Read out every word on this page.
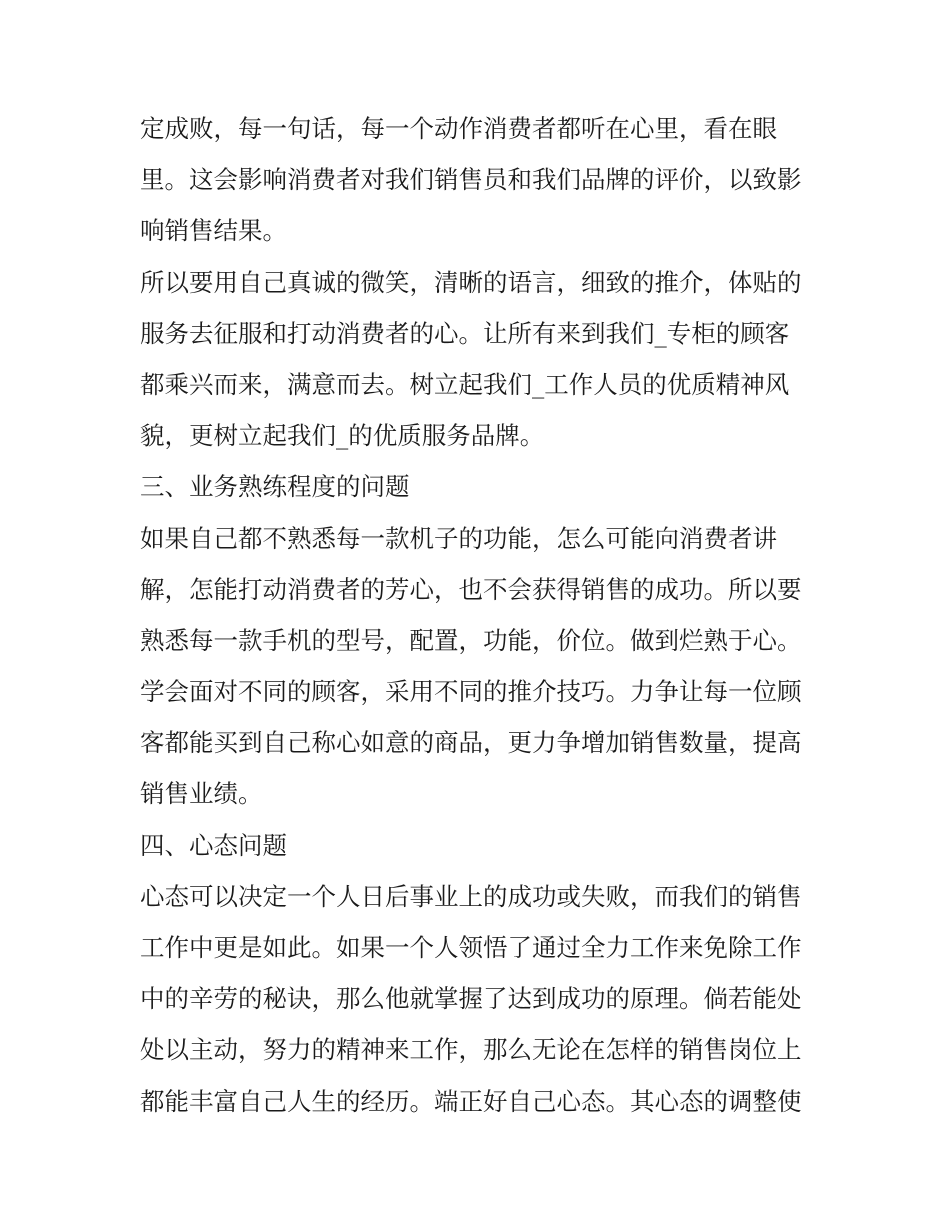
定成败，每一句话，每一个动作消费者都听在心里，看在眼
里。这会影响消费者对我们销售员和我们品牌的评价，以致影
响销售结果。
所以要用自己真诚的微笑，清晰的语言，细致的推介，体贴的
服务去征服和打动消费者的心。让所有来到我们_专柜的顾客
都乘兴而来，满意而去。树立起我们_工作人员的优质精神风
貌，更树立起我们_的优质服务品牌。
三、业务熟练程度的问题
如果自己都不熟悉每一款机子的功能，怎么可能向消费者讲
解，怎能打动消费者的芳心，也不会获得销售的成功。所以要
熟悉每一款手机的型号，配置，功能，价位。做到烂熟于心。
学会面对不同的顾客，采用不同的推介技巧。力争让每一位顾
客都能买到自己称心如意的商品，更力争增加销售数量，提高
销售业绩。
四、心态问题
心态可以决定一个人日后事业上的成功或失败，而我们的销售
工作中更是如此。如果一个人领悟了通过全力工作来免除工作
中的辛劳的秘诀，那么他就掌握了达到成功的原理。倘若能处
处以主动，努力的精神来工作，那么无论在怎样的销售岗位上
都能丰富自己人生的经历。端正好自己心态。其心态的调整使
